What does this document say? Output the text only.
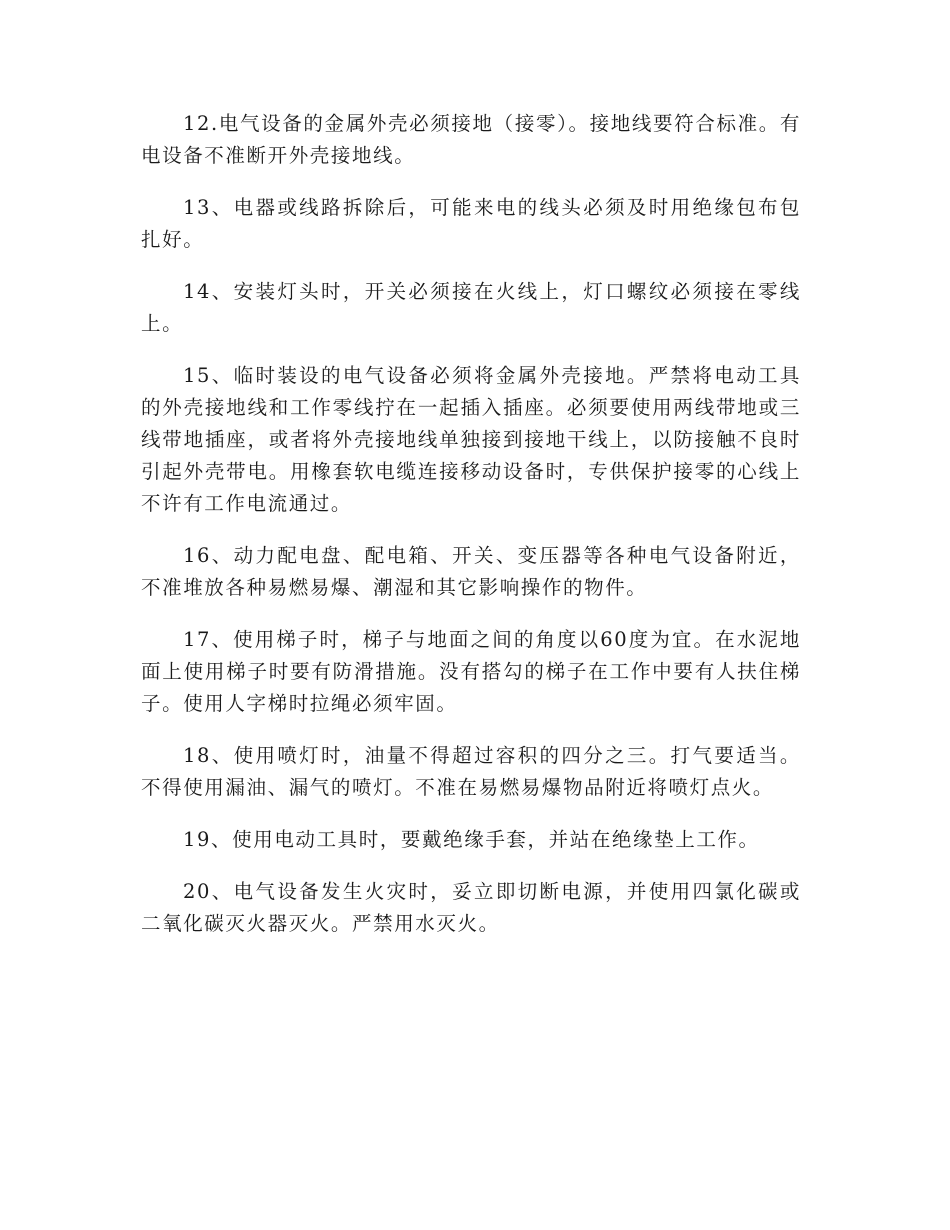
12.电气设备的金属外壳必须接地（接零）。接地线要符合标准。有电设备不准断开外壳接地线。

13、电器或线路拆除后，可能来电的线头必须及时用绝缘包布包扎好。

14、安装灯头时，开关必须接在火线上，灯口螺纹必须接在零线上。

15、临时装设的电气设备必须将金属外壳接地。严禁将电动工具的外壳接地线和工作零线拧在一起插入插座。必须要使用两线带地或三线带地插座，或者将外壳接地线单独接到接地干线上，以防接触不良时引起外壳带电。用橡套软电缆连接移动设备时，专供保护接零的心线上不许有工作电流通过。

16、动力配电盘、配电箱、开关、变压器等各种电气设备附近，不准堆放各种易燃易爆、潮湿和其它影响操作的物件。

17、使用梯子时，梯子与地面之间的角度以60度为宜。在水泥地面上使用梯子时要有防滑措施。没有搭勾的梯子在工作中要有人扶住梯子。使用人字梯时拉绳必须牢固。

18、使用喷灯时，油量不得超过容积的四分之三。打气要适当。不得使用漏油、漏气的喷灯。不准在易燃易爆物品附近将喷灯点火。

19、使用电动工具时，要戴绝缘手套，并站在绝缘垫上工作。

20、电气设备发生火灾时，妥立即切断电源，并使用四氯化碳或二氧化碳灭火器灭火。严禁用水灭火。
